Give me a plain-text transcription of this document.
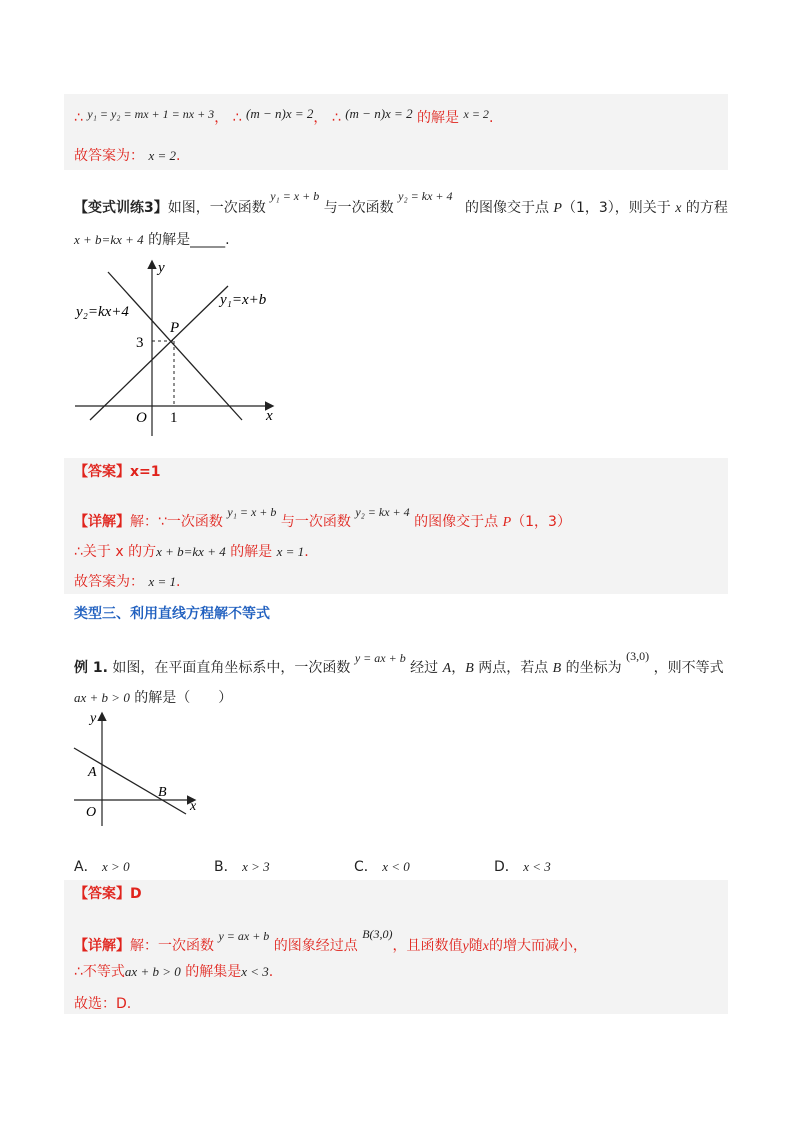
∴ y₁ = y₂ = mx + 1 = nx + 3， ∴ (m − n)x = 2， ∴ (m − n)x = 2 的解是 x = 2.
故答案为： x = 2.
【变式训练3】如图，一次函数 y₁ = x + b 与一次函数 y₂ = kx + 4 的图像交于点 P（1，3），则关于 x 的方程
x + b=kx + 4 的解是_____.
y
x
O 1
3
P
y₁=x+b
y₂=kx+4
【答案】x=1
【详解】解：∵一次函数 y₁ = x + b 与一次函数 y₂ = kx + 4 的图像交于点 P（1，3）
∴关于 x 的方x + b=kx + 4 的解是 x = 1.
故答案为： x = 1.
类型三、利用直线方程解不等式
例 1. 如图，在平面直角坐标系中，一次函数 y = ax + b 经过 A，B 两点，若点 B 的坐标为 (3,0) ，则不等式
ax + b > 0 的解是（　　）
y
x
O
A
B
A． x > 0	B． x > 3	C． x < 0	D． x < 3
【答案】D
【详解】解：一次函数 y = ax + b 的图象经过点 B(3,0)，且函数值y随x的增大而减小，
∴不等式ax + b > 0 的解集是x < 3.
故选：D.
